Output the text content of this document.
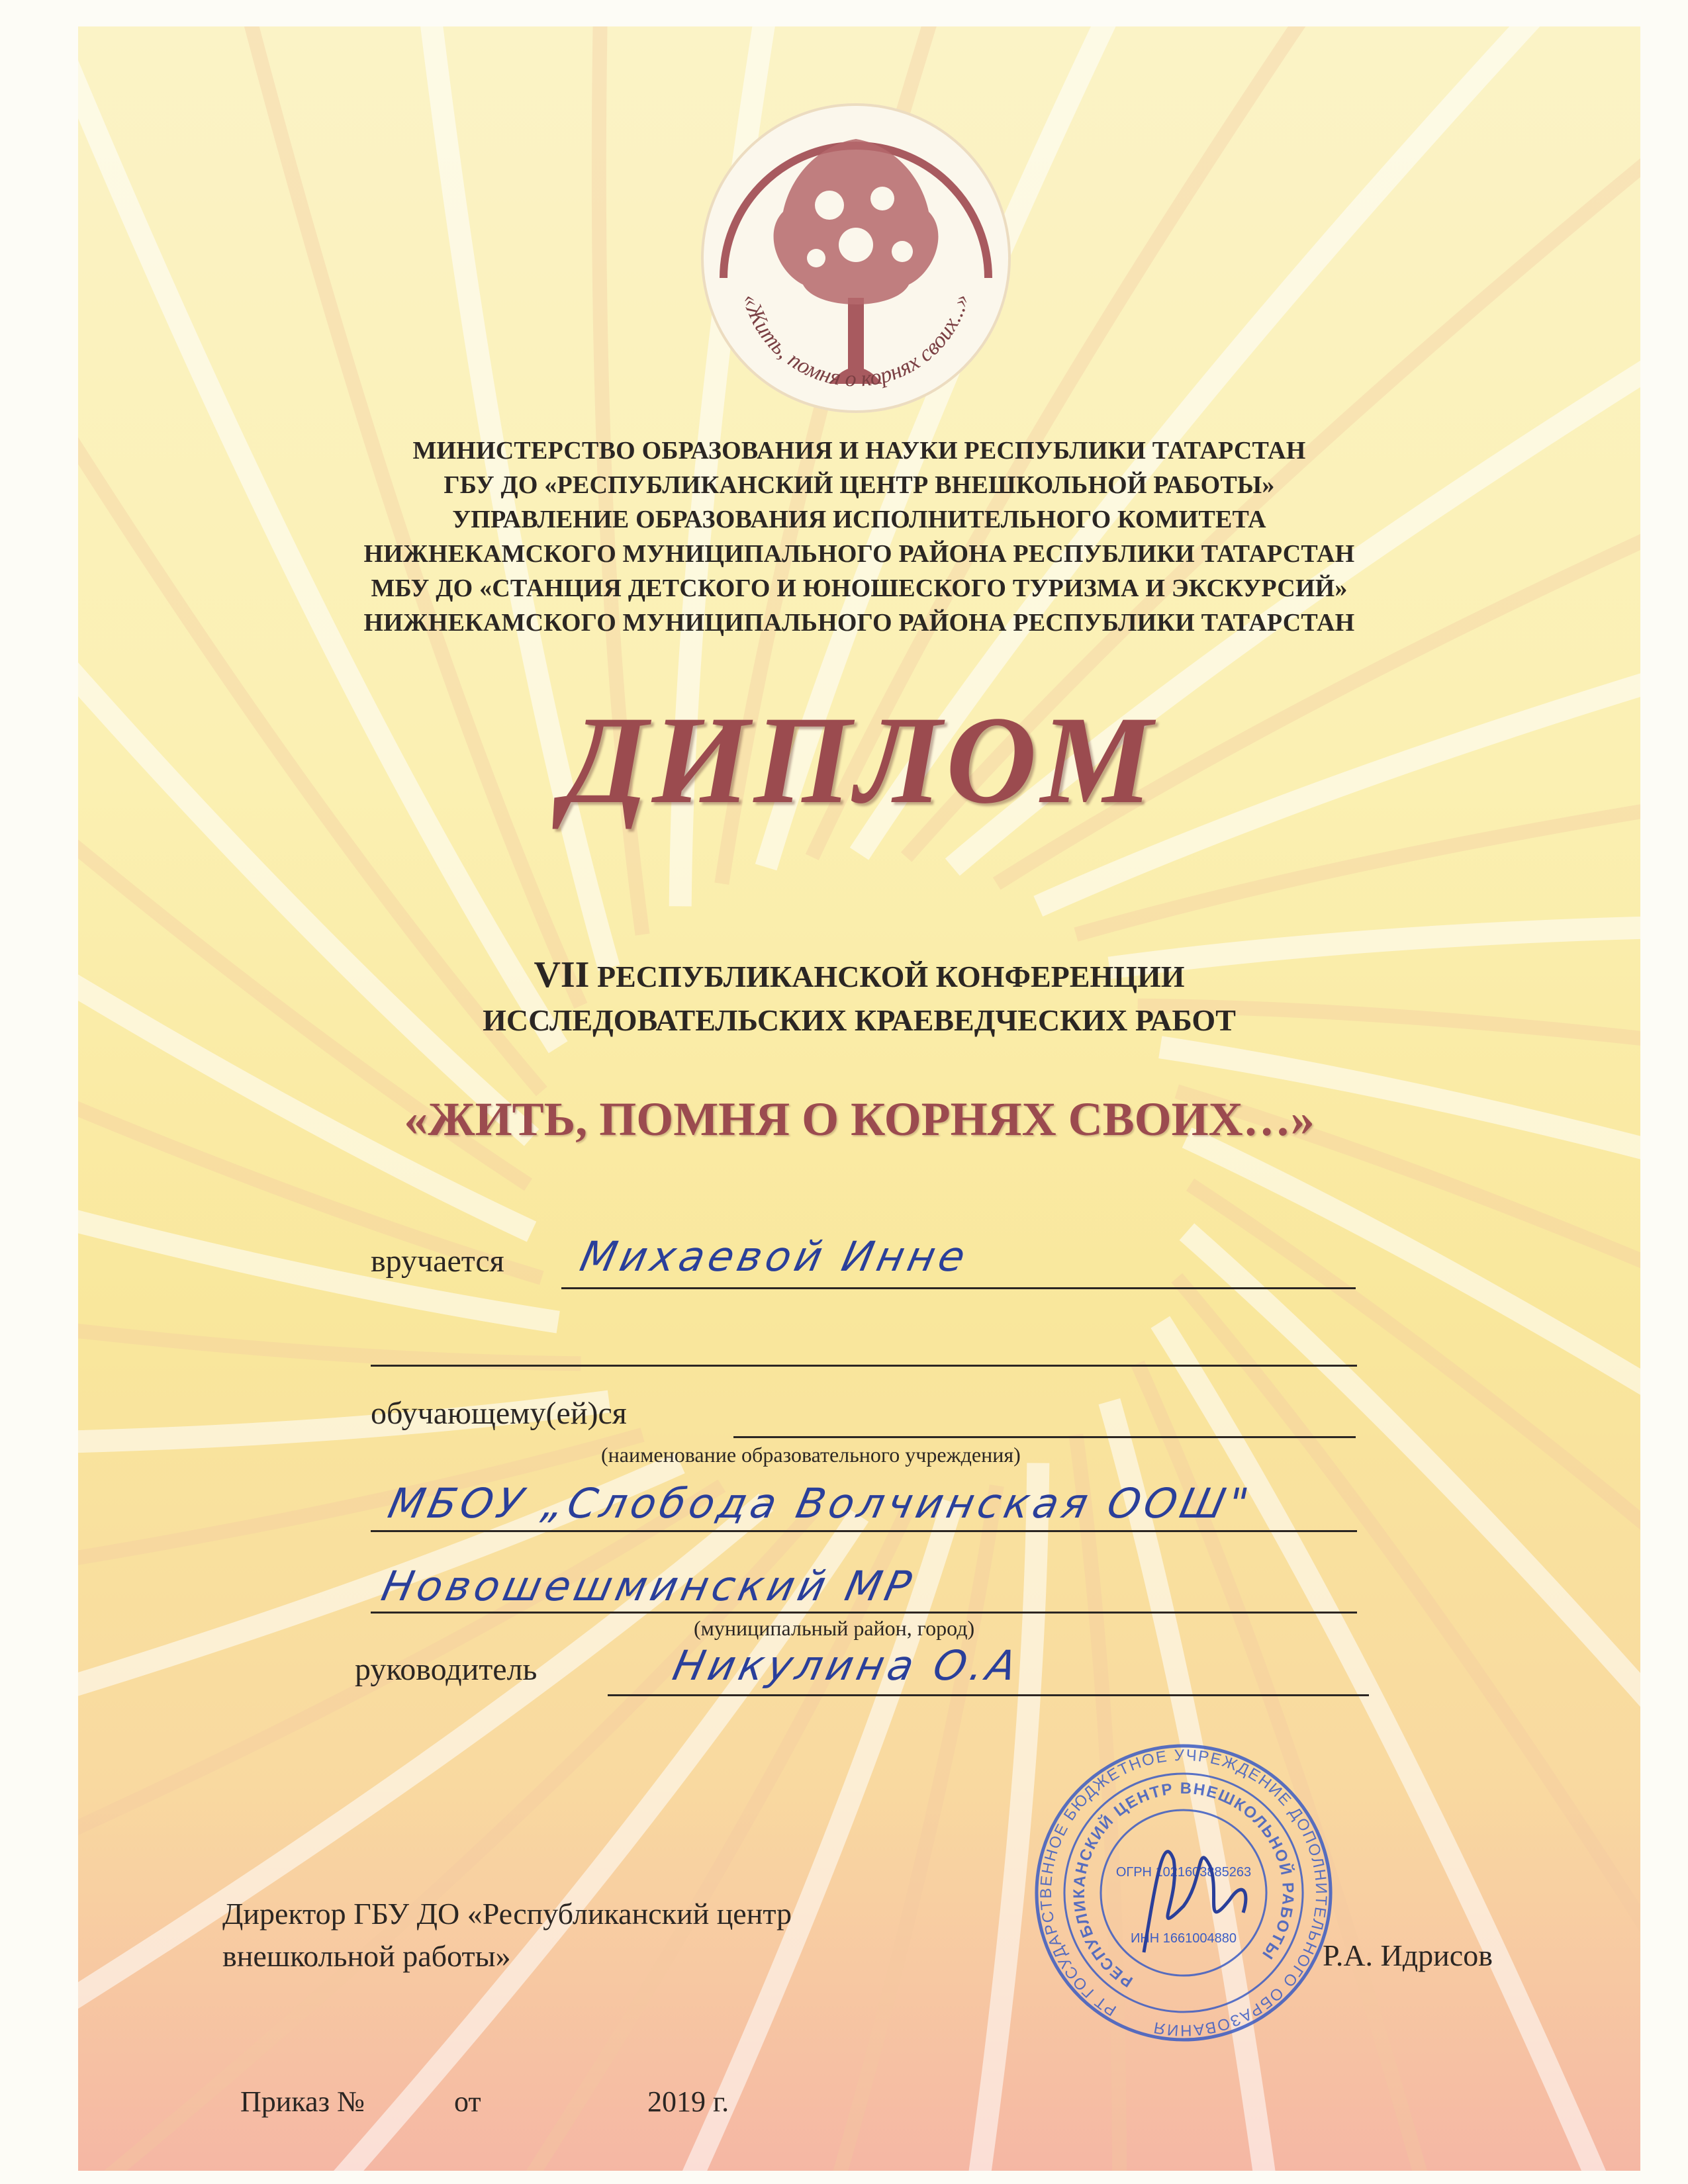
«Жить, помня о корнях своих...»
МИНИСТЕРСТВО ОБРАЗОВАНИЯ И НАУКИ РЕСПУБЛИКИ ТАТАРСТАН
ГБУ ДО «РЕСПУБЛИКАНСКИЙ ЦЕНТР ВНЕШКОЛЬНОЙ РАБОТЫ»
УПРАВЛЕНИЕ ОБРАЗОВАНИЯ ИСПОЛНИТЕЛЬНОГО КОМИТЕТА
НИЖНЕКАМСКОГО МУНИЦИПАЛЬНОГО РАЙОНА РЕСПУБЛИКИ ТАТАРСТАН
МБУ ДО «СТАНЦИЯ ДЕТСКОГО И ЮНОШЕСКОГО ТУРИЗМА И ЭКСКУРСИЙ»
НИЖНЕКАМСКОГО МУНИЦИПАЛЬНОГО РАЙОНА РЕСПУБЛИКИ ТАТАРСТАН
ДИПЛОМ
VII РЕСПУБЛИКАНСКОЙ КОНФЕРЕНЦИИ
ИССЛЕДОВАТЕЛЬСКИХ КРАЕВЕДЧЕСКИХ РАБОТ
«ЖИТЬ, ПОМНЯ О КОРНЯХ СВОИХ…»
вручается Михаевой Инне
обучающему(ей)ся
(наименование образовательного учреждения)
МБОУ „Слобода Волчинская ООШ"
Новошешминский МР
(муниципальный район, город)
руководитель	Никулина О.А
РТ ГОСУДАРСТВЕННОЕ БЮДЖЕТНОЕ УЧРЕЖДЕНИЕ ДОПОЛНИТЕЛЬНОГО ОБРАЗОВАНИЯ
РЕСПУБЛИКАНСКИЙ ЦЕНТР ВНЕШКОЛЬНОЙ РАБОТЫ
ОГРН 1021603885263
ИНН 1661004880
Директор ГБУ ДО «Республиканский центр
внешкольной работы»	Р.А. Идрисов
Приказ №	от	2019 г.
